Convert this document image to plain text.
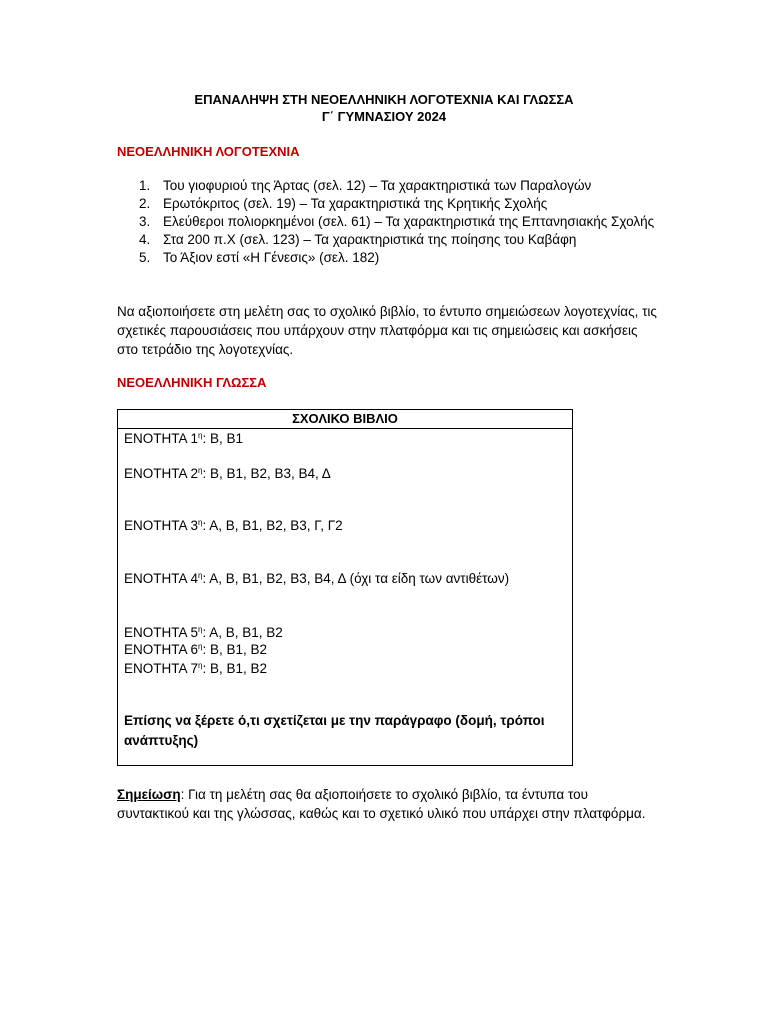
ΕΠΑΝΑΛΗΨΗ ΣΤΗ ΝΕΟΕΛΛΗΝΙΚΗ ΛΟΓΟΤΕΧΝΙΑ ΚΑΙ ΓΛΩΣΣΑ
Γ΄ ΓΥΜΝΑΣΙΟΥ 2024
ΝΕΟΕΛΛΗΝΙΚΗ ΛΟΓΟΤΕΧΝΙΑ
1. Του γιοφυριού της Άρτας (σελ. 12) – Τα χαρακτηριστικά των Παραλογών
2. Ερωτόκριτος (σελ. 19) – Τα χαρακτηριστικά της Κρητικής Σχολής
3. Ελεύθεροι πολιορκημένοι (σελ. 61) – Τα χαρακτηριστικά της Επτανησιακής Σχολής
4. Στα 200 π.Χ (σελ. 123) – Τα χαρακτηριστικά της ποίησης του Καβάφη
5. Το Άξιον εστί «Η Γένεσις» (σελ. 182)
Να αξιοποιήσετε στη μελέτη σας το σχολικό βιβλίο, το έντυπο σημειώσεων λογοτεχνίας, τις σχετικές παρουσιάσεις που υπάρχουν στην πλατφόρμα και τις σημειώσεις και ασκήσεις στο τετράδιο της λογοτεχνίας.
ΝΕΟΕΛΛΗΝΙΚΗ ΓΛΩΣΣΑ
ΣΧΟΛΙΚΟ ΒΙΒΛΙΟ
ΕΝΟΤΗΤΑ $1^\eta$: Β, Β1
ΕΝΟΤΗΤΑ $2^\eta$: Β, Β1, Β2, Β3, Β4, Δ
ΕΝΟΤΗΤΑ $3^\eta$: Α, Β, Β1, Β2, Β3, Γ, Γ2
ΕΝΟΤΗΤΑ $4^\eta$: Α, Β, Β1, Β2, Β3, Β4, Δ (όχι τα είδη των αντιθέτων)
ΕΝΟΤΗΤΑ $5^\eta$: Α, Β, Β1, Β2
ΕΝΟΤΗΤΑ $6^\eta$: Β, Β1, Β2
ΕΝΟΤΗΤΑ $7^\eta$: Β, Β1, Β2
Επίσης να ξέρετε ό,τι σχετίζεται με την παράγραφο (δομή, τρόποι ανάπτυξης)
Σημείωση: Για τη μελέτη σας θα αξιοποιήσετε το σχολικό βιβλίο, τα έντυπα του συντακτικού και της γλώσσας, καθώς και το σχετικό υλικό που υπάρχει στην πλατφόρμα.
